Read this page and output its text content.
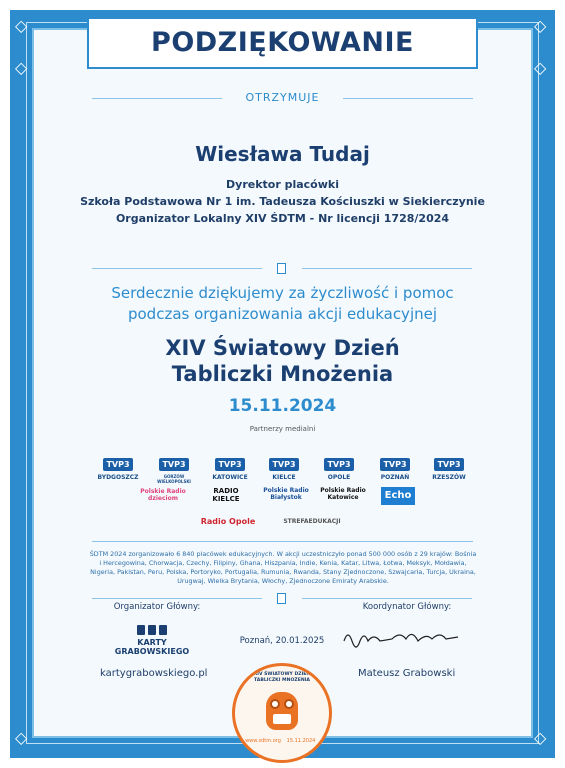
◇	◇
◇	◇
◇	◇
PODZIĘKOWANIE
OTRZYMUJE
Wiesława Tudaj
Dyrektor placówki
Szkoła Podstawowa Nr 1 im. Tadeusza Kościuszki w Siekierczynie
Organizator Lokalny XIV ŚDTM - Nr licencji 1728/2024
Serdecznie dziękujemy za życzliwość i pomoc
podczas organizowania akcji edukacyjnej
XIV Światowy Dzień
Tabliczki Mnożenia
15.11.2024
Partnerzy medialni
TVP3
BYDGOSZCZ
TVP3
GORZÓW WIELKOPOLSKI
TVP3
KATOWICE
TVP3
KIELCE
TVP3
OPOLE
TVP3
POZNAŃ
TVP3
RZESZÓW
Polskie Radio dzieciom
RADIO KIELCE
Polskie Radio Białystok
Polskie Radio Katowice	Echo
Radio Opole	STREFAEDUKACJI
ŚDTM 2024 zorganizowało 6 840 placówek edukacyjnych. W akcji uczestniczyło ponad 500 000 osób z 29 krajów: Bośnia i Hercegowina, Chorwacja, Czechy, Filipiny, Ghana, Hiszpania, Indie, Kenia, Katar, Litwa, Łotwa, Meksyk, Mołdawia, Nigeria, Pakistan, Peru, Polska, Portoryko, Portugalia, Rumunia, Rwanda, Stany Zjednoczone, Szwajcaria, Turcja, Ukraina, Urugwaj, Wielka Brytania, Włochy, Zjednoczone Emiraty Arabskie.
Organizator Główny:	Koordynator Główny:
KARTY GRABOWSKIEGO
Poznań, 20.01.2025
kartygrabowskiego.pl	Mateusz Grabowski
XIV ŚWIATOWY DZIEŃ TABLICZKI MNOŻENIA
www.sdtm.org	15.11.2024
